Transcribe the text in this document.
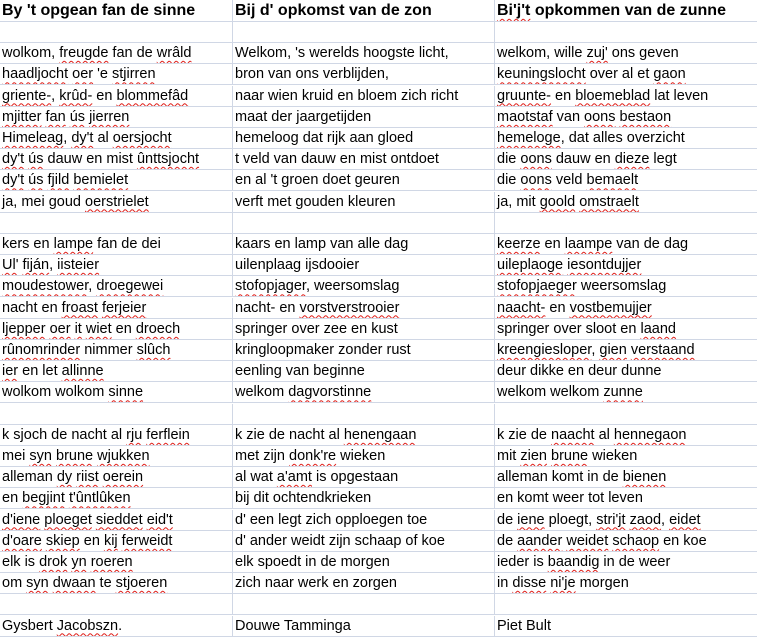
By 't opgean fan de sinne	Bij d' opkomst van de zon	Bi'j't opkommen van de zunne
wolkom, freugde fan de wrâld	Welkom, 's werelds hoogste licht,	welkom, wille zuj' ons geven
haadljocht oer 'e stjirren	bron van ons verblijden,	keuningslocht over al et gaon
griente-, krûd- en blommefâd	naar wien kruid en bloem zich richt	gruunte- en bloemeblad lat leven
mjitter fan ús jierren	maat der jaargetijden	maotstaf van oons bestaon
Himeleag, dy't al oersjocht	hemeloog dat rijk aan gloed	hemeloge, dat alles overzicht
dy't ús dauw en mist ûnttsjocht	t veld van dauw en mist ontdoet	die oons dauw en dieze legt
dy't ús fjild bemielet	en al 't groen doet geuren	die oons veld bemaelt
ja, mei goud oerstrielet	verft met gouden kleuren	ja, mit goold omstraelt
kers en lampe fan de dei	kaars en lamp van alle dag	keerze en laampe van de dag
Ul' fiján, iisteier	uilenplaag ijsdooier	uileplaoge iesontdujjer
moudestower, droegewei	stofopjager, weersomslag	stofopjaeger weersomslag
nacht en froast ferjeier	nacht- en vorstverstrooier	naacht- en vostbemujjer
ljepper oer it wiet en droech	springer over zee en kust	springer over sloot en laand
rûnomrinder nimmer slûch	kringloopmaker zonder rust	kreengiesloper, gien verstaand
ier en let allinne	eenling van beginne	deur dikke en deur dunne
wolkom wolkom sinne	welkom dagvorstinne	welkom welkom zunne
k sjoch de nacht al rju ferflein	k zie de nacht al henengaan	k zie de naacht al hennegaon
mei syn brune wjukken	met zijn donk're wieken	mit zien brune wieken
alleman dy riist oerein	al wat a'amt is opgestaan	alleman komt in de bienen
en begjint t'ûntlûken	bij dit ochtendkrieken	en komt weer tot leven
d'iene ploeget sieddet eid't	d' een legt zich opploegen toe	de iene ploegt, stri'jt zaod, eidet
d'oare skiep en kij ferweidt	d' ander weidt zijn schaap of koe	de aander weidet schaop en koe
elk is drok yn roeren	elk spoedt in de morgen	ieder is baandig in de weer
om syn dwaan te stjoeren	zich naar werk en zorgen	in disse ni'je morgen
Gysbert Jacobszn.	Douwe Tamminga	Piet Bult
